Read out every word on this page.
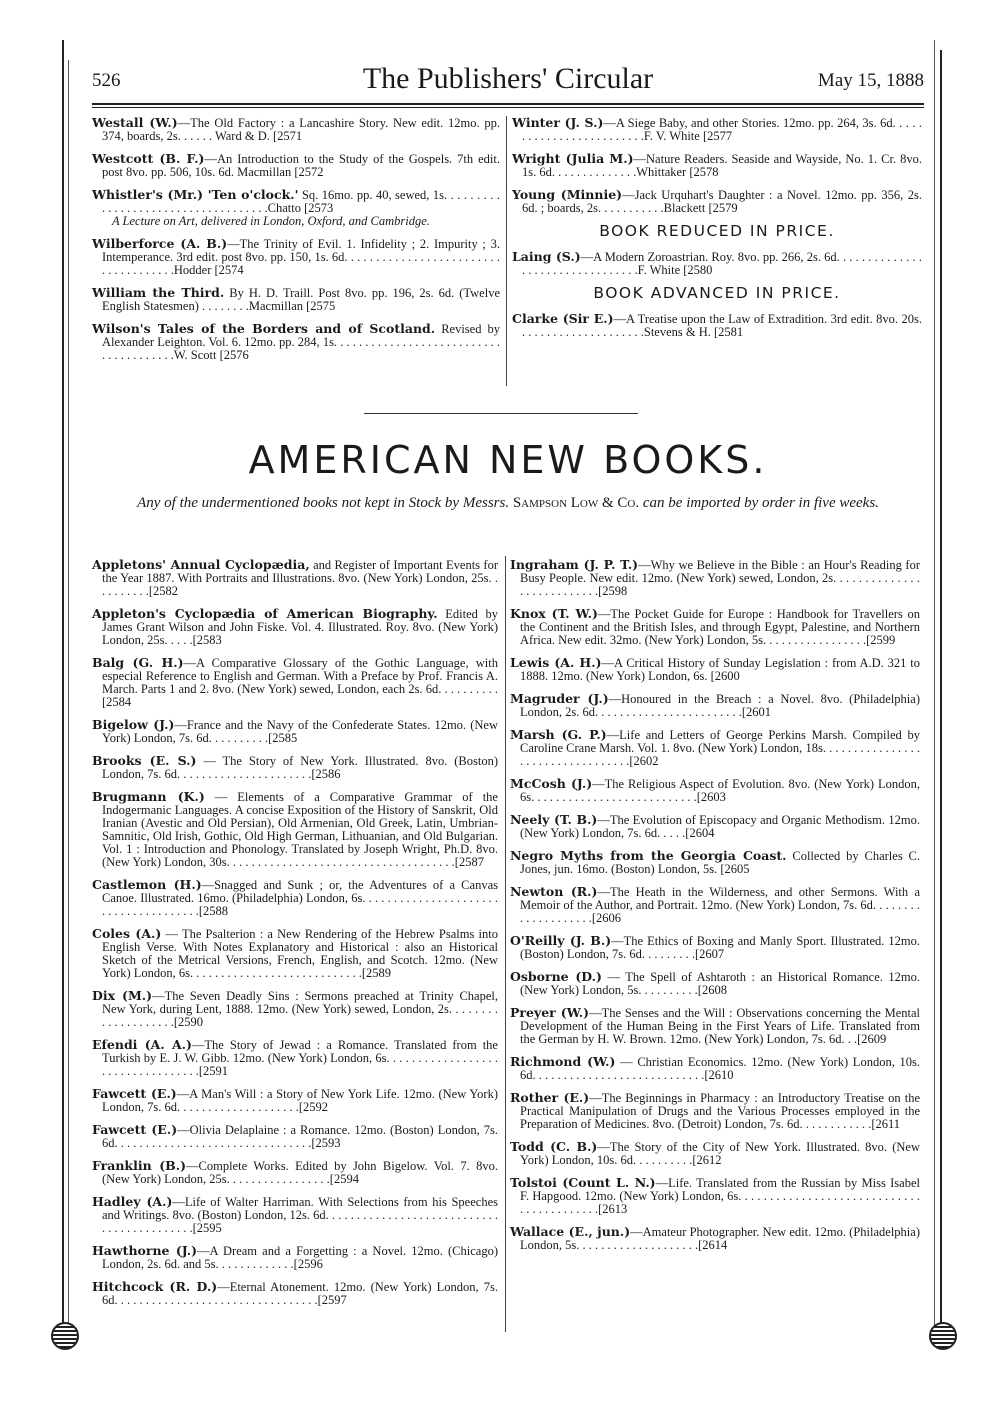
526	The Publishers' Circular	May 15, 1888

Westall (W.)—The Old Factory : a Lancashire Story. New edit. 12mo. pp. 374, boards, 2s. . . . . . Ward & D. [2571

Westcott (B. F.)—An Introduction to the Study of the Gospels. 7th edit. post 8vo. pp. 506, 10s. 6d. Macmillan [2572

Whistler's (Mr.) 'Ten o'clock.' Sq. 16mo. pp. 40, sewed, 1s. . . . . . . . . . . . . . . . . . . . . . . . . . . . . . . . . . . .Chatto [2573
A Lecture on Art, delivered in London, Oxford, and Cambridge.

Wilberforce (A. B.)—The Trinity of Evil. 1. Infidelity ; 2. Impurity ; 3. Intemperance. 3rd edit. post 8vo. pp. 150, 1s. 6d. . . . . . . . . . . . . . . . . . . . . . . . . . . . . . . . . . . . .Hodder [2574

William the Third. By H. D. Traill. Post 8vo. pp. 196, 2s. 6d. (Twelve English Statesmen) . . . . . . . .Macmillan [2575

Wilson's Tales of the Borders and of Scotland. Revised by Alexander Leighton. Vol. 6. 12mo. pp. 284, 1s. . . . . . . . . . . . . . . . . . . . . . . . . . . . . . . . . . . . . . .W. Scott [2576

Winter (J. S.)—A Siege Baby, and other Stories. 12mo. pp. 264, 3s. 6d. . . . . . . . . . . . . . . . . . . . . . . . .F. V. White [2577

Wright (Julia M.)—Nature Readers. Seaside and Wayside, No. 1. Cr. 8vo. 1s. 6d. . . . . . . . . . . . . .Whittaker [2578

Young (Minnie)—Jack Urquhart's Daughter : a Novel. 12mo. pp. 356, 2s. 6d. ; boards, 2s. . . . . . . . . . .Blackett [2579

BOOK REDUCED IN PRICE.

Laing (S.)—A Modern Zoroastrian. Roy. 8vo. pp. 266, 2s. 6d. . . . . . . . . . . . . . . . . . . . . . . . . . . . . . . . .F. White [2580

BOOK ADVANCED IN PRICE.

Clarke (Sir E.)—A Treatise upon the Law of Extradition. 3rd edit. 8vo. 20s. . . . . . . . . . . . . . . . . . . . .Stevens & H. [2581

AMERICAN NEW BOOKS.
Any of the undermentioned books not kept in Stock by Messrs. Sampson Low & Co. can be imported by order in five weeks.

Appletons' Annual Cyclopædia, and Register of Important Events for the Year 1887. With Portraits and Illustrations. 8vo. (New York) London, 25s. . . . . . . . . .[2582

Appleton's Cyclopædia of American Biography. Edited by James Grant Wilson and John Fiske. Vol. 4. Illustrated. Roy. 8vo. (New York) London, 25s. . . . .[2583

Balg (G. H.)—A Comparative Glossary of the Gothic Language, with especial Reference to English and German. With a Preface by Prof. Francis A. March. Parts 1 and 2. 8vo. (New York) sewed, London, each 2s. 6d. . . . . . . . . .[2584

Bigelow (J.)—France and the Navy of the Confederate States. 12mo. (New York) London, 7s. 6d. . . . . . . . . .[2585

Brooks (E. S.) — The Story of New York. Illustrated. 8vo. (Boston) London, 7s. 6d. . . . . . . . . . . . . . . . . . . . . .[2586

Brugmann (K.) — Elements of a Comparative Grammar of the Indogermanic Languages. A concise Exposition of the History of Sanskrit, Old Iranian (Avestic and Old Persian), Old Armenian, Old Greek, Latin, Umbrian-Samnitic, Old Irish, Gothic, Old High German, Lithuanian, and Old Bulgarian. Vol. 1 : Introduction and Phonology. Translated by Joseph Wright, Ph.D. 8vo. (New York) London, 30s. . . . . . . . . . . . . . . . . . . . . . . . . . . . . . . . . . . . .[2587

Castlemon (H.)—Snagged and Sunk ; or, the Adventures of a Canvas Canoe. Illustrated. 16mo. (Philadelphia) London, 6s. . . . . . . . . . . . . . . . . . . . . . . . . . . . . . . . . . . . . .[2588

Coles (A.) — The Psalterion : a New Rendering of the Hebrew Psalms into English Verse. With Notes Explanatory and Historical : also an Historical Sketch of the Metrical Versions, French, English, and Scotch. 12mo. (New York) London, 6s. . . . . . . . . . . . . . . . . . . . . . . . . . . .[2589

Dix (M.)—The Seven Deadly Sins : Sermons preached at Trinity Chapel, New York, during Lent, 1888. 12mo. (New York) sewed, London, 2s. . . . . . . . . . . . . . . . . . . .[2590

Efendi (A. A.)—The Story of Jewad : a Romance. Translated from the Turkish by E. J. W. Gibb. 12mo. (New York) London, 6s. . . . . . . . . . . . . . . . . . . . . . . . . . . . . . . . . .[2591

Fawcett (E.)—A Man's Will : a Story of New York Life. 12mo. (New York) London, 7s. 6d. . . . . . . . . . . . . . . . . . . .[2592

Fawcett (E.)—Olivia Delaplaine : a Romance. 12mo. (Boston) London, 7s. 6d. . . . . . . . . . . . . . . . . . . . . . . . . . . . . . . .[2593

Franklin (B.)—Complete Works. Edited by John Bigelow. Vol. 7. 8vo. (New York) London, 25s. . . . . . . . . . . . . . . . .[2594

Hadley (A.)—Life of Walter Harriman. With Selections from his Speeches and Writings. 8vo. (Boston) London, 12s. 6d. . . . . . . . . . . . . . . . . . . . . . . . . . . . . . . . . . . . . . . . . . .[2595

Hawthorne (J.)—A Dream and a Forgetting : a Novel. 12mo. (Chicago) London, 2s. 6d. and 5s. . . . . . . . . . . . .[2596

Hitchcock (R. D.)—Eternal Atonement. 12mo. (New York) London, 7s. 6d. . . . . . . . . . . . . . . . . . . . . . . . . . . . . . . . .[2597

Ingraham (J. P. T.)—Why we Believe in the Bible : an Hour's Reading for Busy People. New edit. 12mo. (New York) sewed, London, 2s. . . . . . . . . . . . . . . . . . . . . . . . . . .[2598

Knox (T. W.)—The Pocket Guide for Europe : Handbook for Travellers on the Continent and the British Isles, and through Egypt, Palestine, and Northern Africa. New edit. 32mo. (New York) London, 5s. . . . . . . . . . . . . . . . .[2599

Lewis (A. H.)—A Critical History of Sunday Legislation : from A.D. 321 to 1888. 12mo. (New York) London, 6s. [2600

Magruder (J.)—Honoured in the Breach : a Novel. 8vo. (Philadelphia) London, 2s. 6d. . . . . . . . . . . . . . . . . . . . . . . .[2601

Marsh (G. P.)—Life and Letters of George Perkins Marsh. Compiled by Caroline Crane Marsh. Vol. 1. 8vo. (New York) London, 18s. . . . . . . . . . . . . . . . . . . . . . . . . . . . . . . . . .[2602

McCosh (J.)—The Religious Aspect of Evolution. 8vo. (New York) London, 6s. . . . . . . . . . . . . . . . . . . . . . . . . . .[2603

Neely (T. B.)—The Evolution of Episcopacy and Organic Methodism. 12mo. (New York) London, 7s. 6d. . . . .[2604

Negro Myths from the Georgia Coast. Collected by Charles C. Jones, jun. 16mo. (Boston) London, 5s. [2605

Newton (R.)—The Heath in the Wilderness, and other Sermons. With a Memoir of the Author, and Portrait. 12mo. (New York) London, 7s. 6d. . . . . . . . . . . . . . . . . . . .[2606

O'Reilly (J. B.)—The Ethics of Boxing and Manly Sport. Illustrated. 12mo. (Boston) London, 7s. 6d. . . . . . . . .[2607

Osborne (D.) — The Spell of Ashtaroth : an Historical Romance. 12mo. (New York) London, 5s. . . . . . . . . .[2608

Preyer (W.)—The Senses and the Will : Observations concerning the Mental Development of the Human Being in the First Years of Life. Translated from the German by H. W. Brown. 12mo. (New York) London, 7s. 6d. . .[2609

Richmond (W.) — Christian Economics. 12mo. (New York) London, 10s. 6d. . . . . . . . . . . . . . . . . . . . . . . . . . . .[2610

Rother (E.)—The Beginnings in Pharmacy : an Introductory Treatise on the Practical Manipulation of Drugs and the Various Processes employed in the Preparation of Medicines. 8vo. (Detroit) London, 7s. 6d. . . . . . . . . . . .[2611

Todd (C. B.)—The Story of the City of New York. Illustrated. 8vo. (New York) London, 10s. 6d. . . . . . . . . .[2612

Tolstoi (Count L. N.)—Life. Translated from the Russian by Miss Isabel F. Hapgood. 12mo. (New York) London, 6s. . . . . . . . . . . . . . . . . . . . . . . . . . . . . . . . . . . . . . . . . .[2613

Wallace (E., jun.)—Amateur Photographer. New edit. 12mo. (Philadelphia) London, 5s. . . . . . . . . . . . . . . . . . . .[2614
